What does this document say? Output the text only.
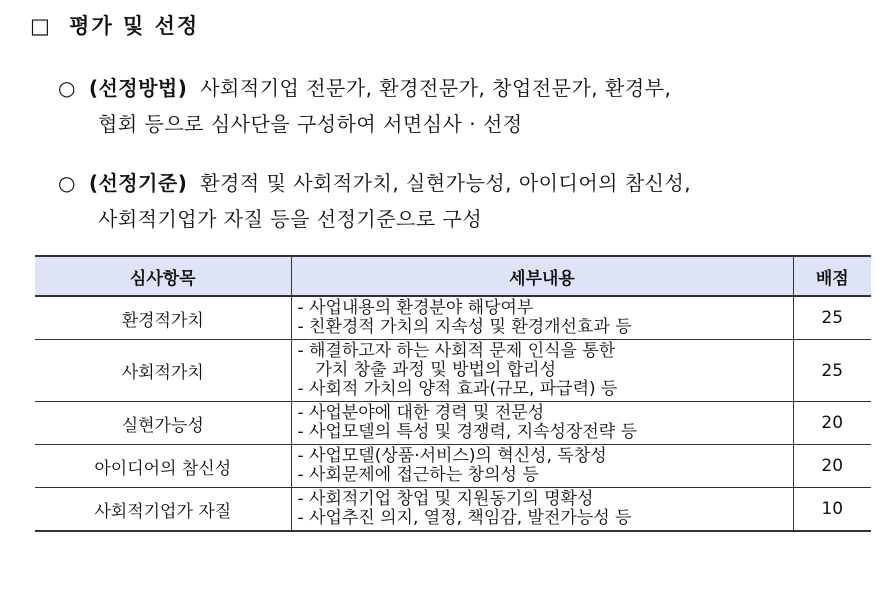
□ 평가 및 선정
○ (선정방법) 사회적기업 전문가, 환경전문가, 창업전문가, 환경부,
협회 등으로 심사단을 구성하여 서면심사 · 선정
○ (선정기준) 환경적 및 사회적가치, 실현가능성, 아이디어의 참신성,
사회적기업가 자질 등을 선정기준으로 구성
심사항목	세부내용	배점
환경적가치	- 사업내용의 환경분야 해당여부
- 친환경적 가치의 지속성 및 환경개선효과 등	25
사회적가치	- 해결하고자 하는 사회적 문제 인식을 통한
가치 창출 과정 및 방법의 합리성
- 사회적 가치의 양적 효과(규모, 파급력) 등	25
실현가능성	- 사업분야에 대한 경력 및 전문성
- 사업모델의 특성 및 경쟁력, 지속성장전략 등	20
아이디어의 참신성	- 사업모델(상품·서비스)의 혁신성, 독창성
- 사회문제에 접근하는 창의성 등	20
사회적기업가 자질	- 사회적기업 창업 및 지원동기의 명확성
- 사업추진 의지, 열정, 책임감, 발전가능성 등	10
